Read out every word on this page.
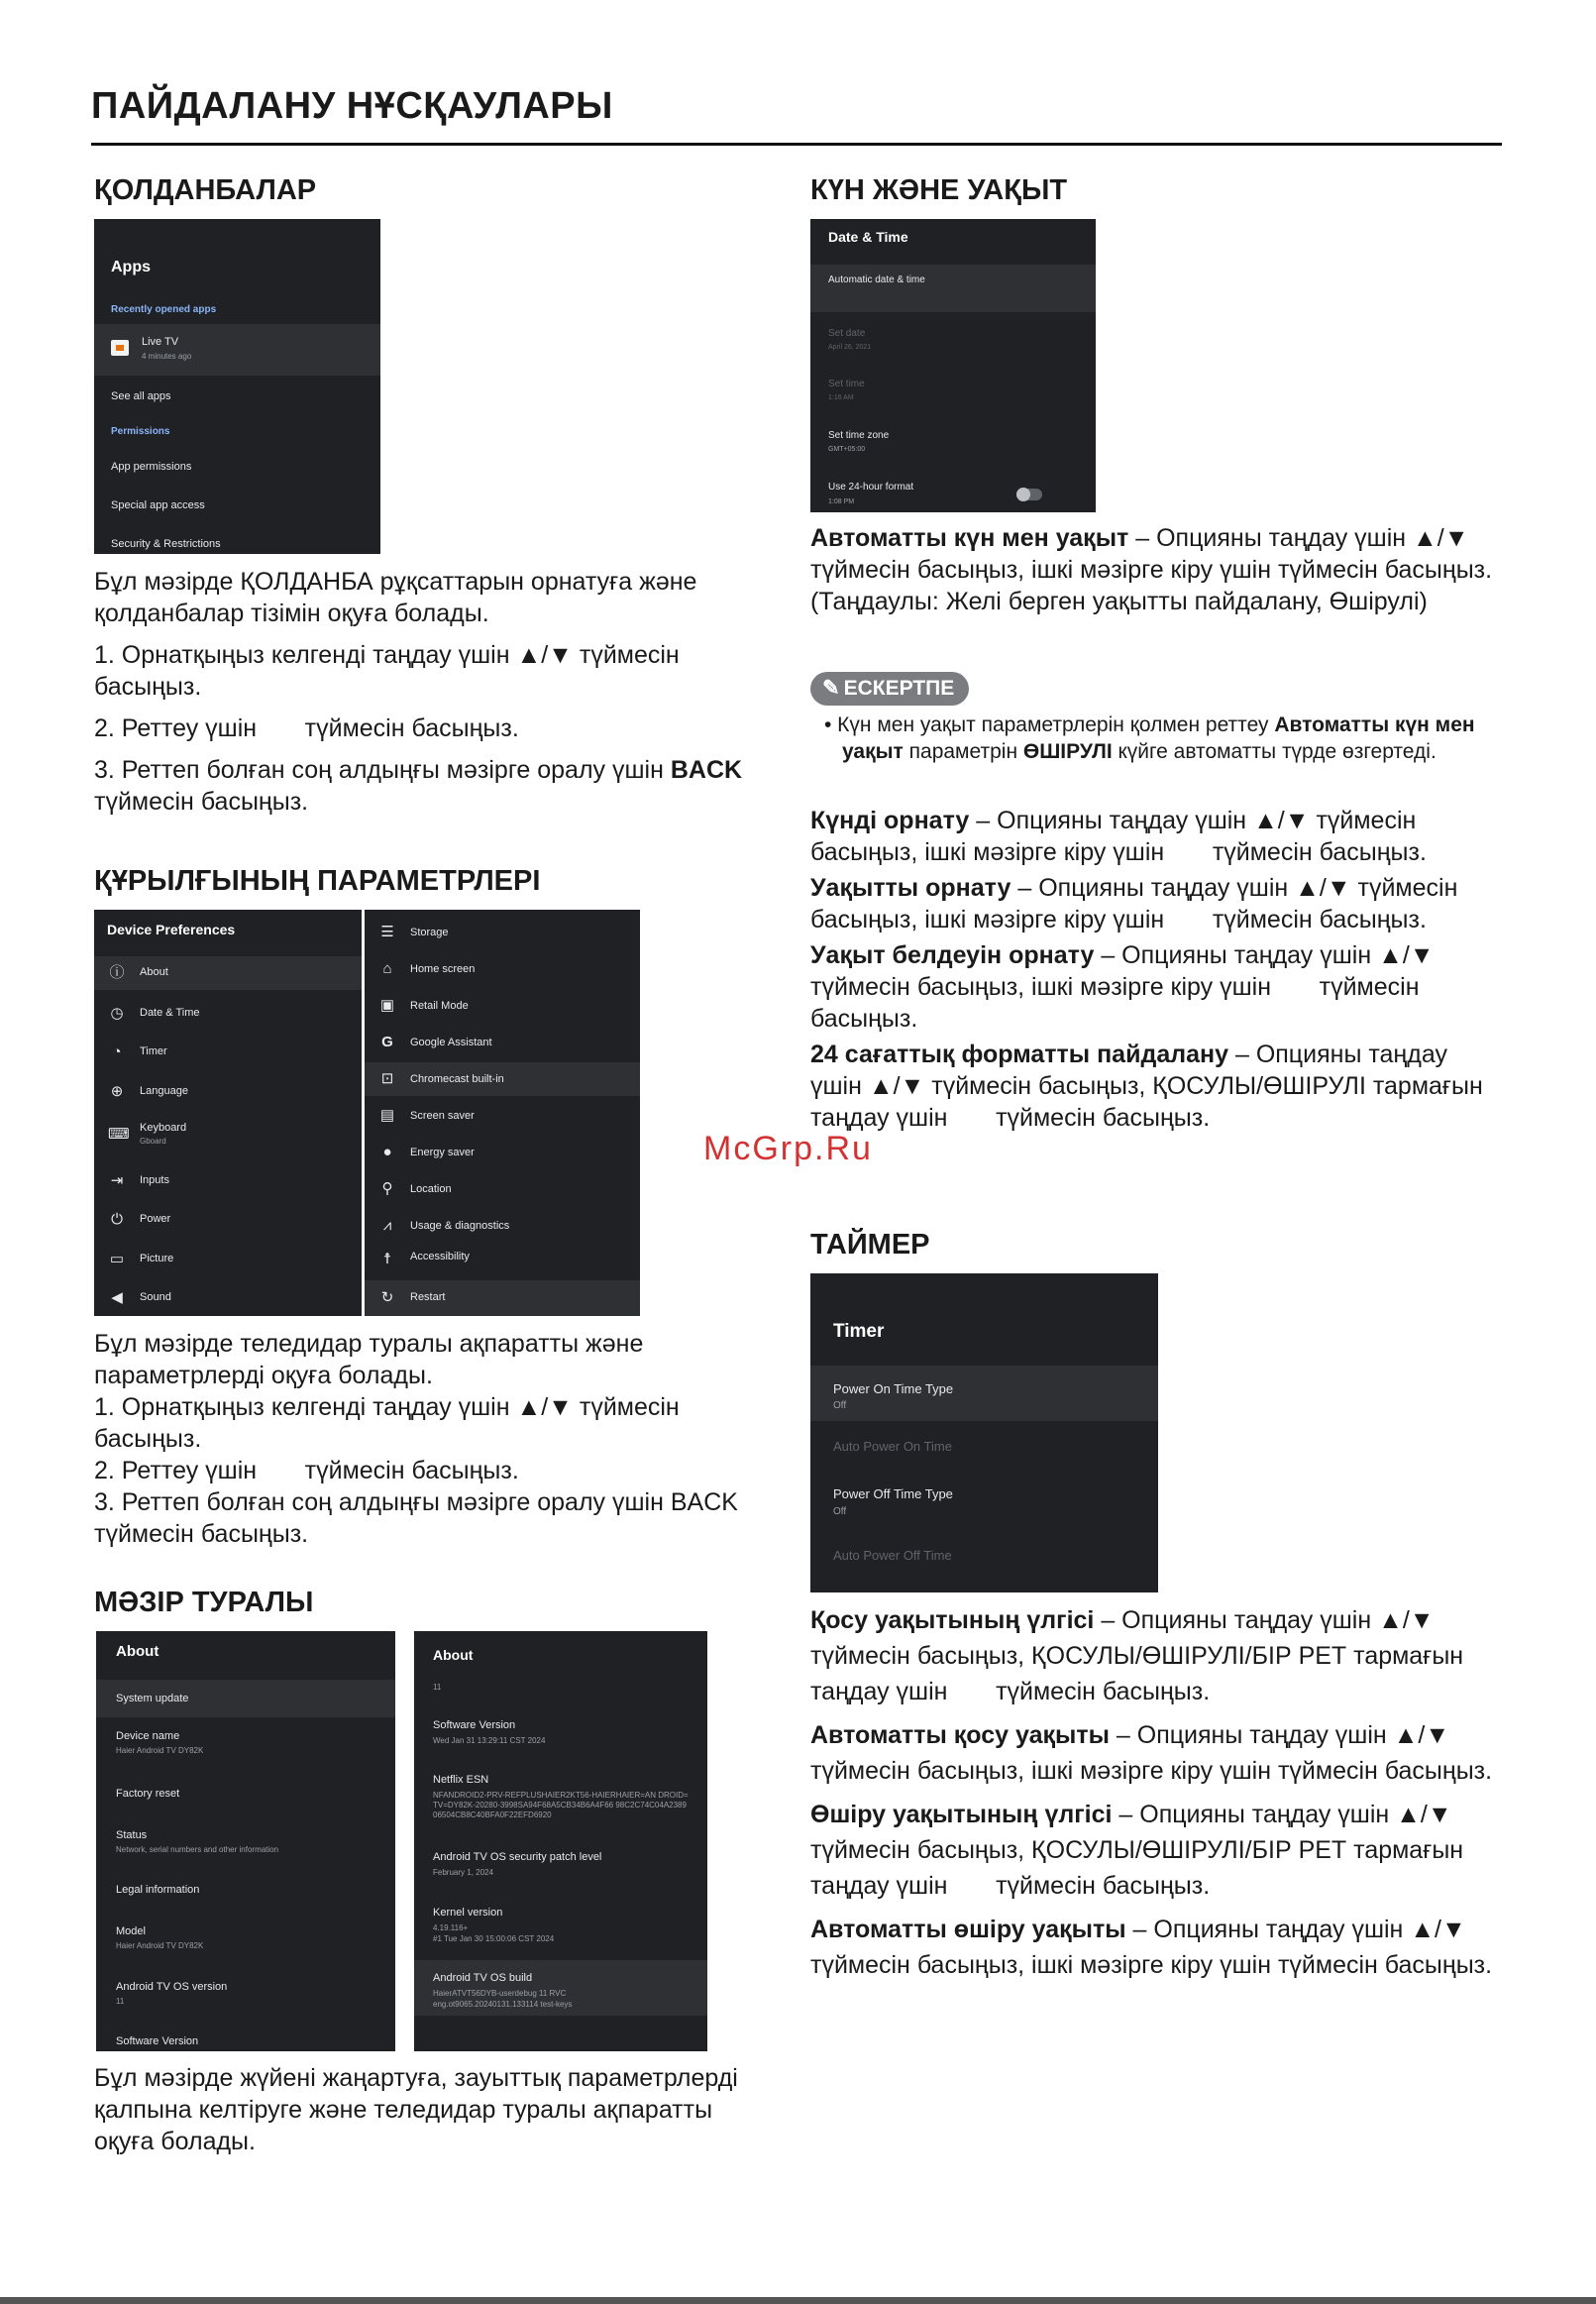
ПАЙДАЛАНУ НҰСҚАУЛАРЫ
ҚОЛДАНБАЛАР
Apps
Recently opened apps
Live TV
4 minutes ago
See all apps
Permissions
App permissions
Special app access
Security & Restrictions

Бұл мәзірде ҚОЛДАНБА рұқсаттарын орнатуға және қолданбалар тізімін оқуға болады.

1. Орнатқыңыз келгенді таңдау үшін ▲/▼ түймесін басыңыз.

2. Реттеу үшін       түймесін басыңыз.

3. Реттеп болған соң алдыңғы мәзірге оралу үшін BACK түймесін басыңыз.

ҚҰРЫЛҒЫНЫҢ ПАРАМЕТРЛЕРІ
Device Preferences
ⓘ About
◷ Date & Time
◔	Timer
⊕ Language
⌨ Keyboard
Gboard
⇥ Inputs
⏻ Power
▭ Picture
◀ Sound
☰ Storage
⌂	Home screen
▣ Retail Mode
G Google Assistant
⊡ Chromecast built-in
▤ Screen saver
●	Energy saver
⚲	Location
⩘	Usage & diagnostics
☨	Accessibility
↻ Restart

Бұл мәзірде теледидар туралы ақпаратты және параметрлерді оқуға болады.

1. Орнатқыңыз келгенді таңдау үшін ▲/▼ түймесін басыңыз.

2. Реттеу үшін       түймесін басыңыз.

3. Реттеп болған соң алдыңғы мәзірге оралу үшін BACK түймесін басыңыз.

МӘЗІР ТУРАЛЫ
About
System update
Device name
Haier Android TV DY82K
Factory reset
Status
Network, serial numbers and other information
Legal information
Model
Haier Android TV DY82K
Android TV OS version
11
Software Version
About
11
Software Version
Wed Jan 31 13:29:11 CST 2024
Netflix ESN
NFANDROID2-PRV-REFPLUSHAIER2KT56-HAIERHAIER=AN DROID=TV=DY82K-20280-3998SA94F68A5CB34B6A4F66 98C2C74C04A238906504CB8C40BFA0F22EFD6920
Android TV OS security patch level
February 1, 2024
Kernel version
4.19.116+
#1 Tue Jan 30 15:00:06 CST 2024
Android TV OS build
HaierATVT56DYB-userdebug 11 RVC
eng.ot9065.20240131.133114 test-keys
Бұл мәзірде жүйені жаңартуға, зауыттық параметрлерді қалпына келтіруге және теледидар туралы ақпаратты оқуға болады.
КҮН ЖӘНЕ УАҚЫТ
Date & Time
Automatic date & time
Set date
April 26, 2021
Set time
1:16 AM
Set time zone
GMT+05:00
Use 24-hour format
1:08 PM
Автоматты күн мен уақыт – Опцияны таңдау үшін ▲/▼ түймесін басыңыз, ішкі мәзірге кіру үшін түймесін басыңыз. (Таңдаулы: Желі берген уақытты пайдалану, Өшірулі)
✎ ЕСКЕРТПЕ
• Күн мен уақыт параметрлерін қолмен реттеу Автоматты күн мен уақыт параметрін ӨШІРУЛІ күйге автоматты түрде өзгертеді.

Күнді орнату – Опцияны таңдау үшін ▲/▼ түймесін басыңыз, ішкі мәзірге кіру үшін       түймесін басыңыз.

Уақытты орнату – Опцияны таңдау үшін ▲/▼ түймесін басыңыз, ішкі мәзірге кіру үшін       түймесін басыңыз.

Уақыт белдеуін орнату – Опцияны таңдау үшін ▲/▼ түймесін басыңыз, ішкі мәзірге кіру үшін       түймесін басыңыз.

24 сағаттық форматты пайдалану – Опцияны таңдау үшін ▲/▼ түймесін басыңыз, ҚОСУЛЫ/ӨШІРУЛІ тармағын таңдау үшін       түймесін басыңыз.

ТАЙМЕР
Timer
Power On Time Type
Off
Auto Power On Time
Power Off Time Type
Off
Auto Power Off Time

Қосу уақытының үлгісі – Опцияны таңдау үшін ▲/▼ түймесін басыңыз, ҚОСУЛЫ/ӨШІРУЛІ/БІР РЕТ тармағын таңдау үшін       түймесін басыңыз.

Автоматты қосу уақыты – Опцияны таңдау үшін ▲/▼ түймесін басыңыз, ішкі мәзірге кіру үшін түймесін басыңыз.

Өшіру уақытының үлгісі – Опцияны таңдау үшін ▲/▼ түймесін басыңыз, ҚОСУЛЫ/ӨШІРУЛІ/БІР РЕТ тармағын таңдау үшін       түймесін басыңыз.

Автоматты өшіру уақыты – Опцияны таңдау үшін ▲/▼ түймесін басыңыз, ішкі мәзірге кіру үшін түймесін басыңыз.

McGrp.Ru
